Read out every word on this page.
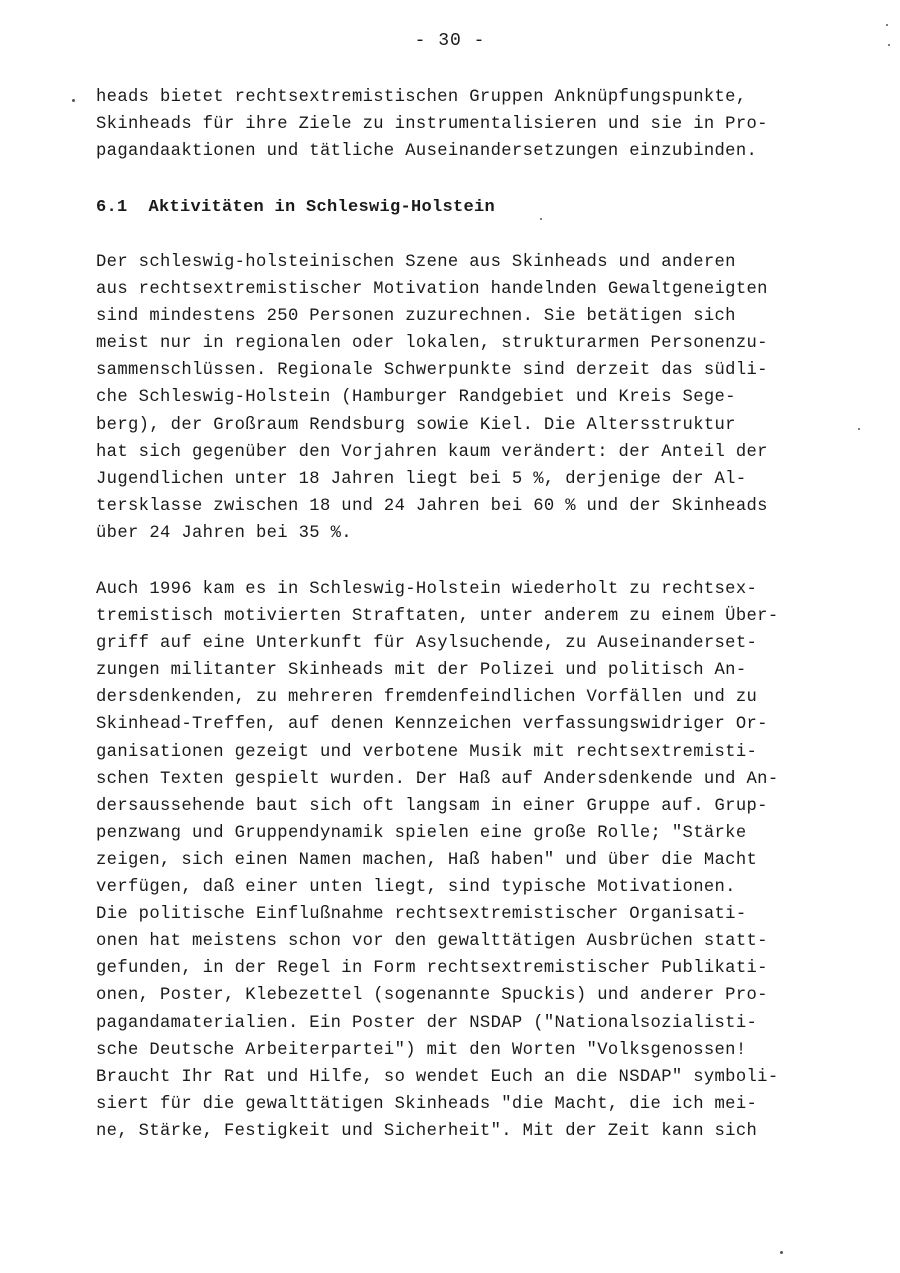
- 30 -
heads bietet rechtsextremistischen Gruppen Anknüpfungspunkte,
Skinheads für ihre Ziele zu instrumentalisieren und sie in Pro-
pagandaaktionen und tätliche Auseinandersetzungen einzubinden.
6.1  Aktivitäten in Schleswig-Holstein
Der schleswig-holsteinischen Szene aus Skinheads und anderen
aus rechtsextremistischer Motivation handelnden Gewaltgeneigten
sind mindestens 250 Personen zuzurechnen. Sie betätigen sich
meist nur in regionalen oder lokalen, strukturarmen Personenzu-
sammenschlüssen. Regionale Schwerpunkte sind derzeit das südli-
che Schleswig-Holstein (Hamburger Randgebiet und Kreis Sege-
berg), der Großraum Rendsburg sowie Kiel. Die Altersstruktur
hat sich gegenüber den Vorjahren kaum verändert: der Anteil der
Jugendlichen unter 18 Jahren liegt bei 5 %, derjenige der Al-
tersklasse zwischen 18 und 24 Jahren bei 60 % und der Skinheads
über 24 Jahren bei 35 %.
Auch 1996 kam es in Schleswig-Holstein wiederholt zu rechtsex-
tremistisch motivierten Straftaten, unter anderem zu einem Über-
griff auf eine Unterkunft für Asylsuchende, zu Auseinanderset-
zungen militanter Skinheads mit der Polizei und politisch An-
dersdenkenden, zu mehreren fremdenfeindlichen Vorfällen und zu
Skinhead-Treffen, auf denen Kennzeichen verfassungswidriger Or-
ganisationen gezeigt und verbotene Musik mit rechtsextremisti-
schen Texten gespielt wurden. Der Haß auf Andersdenkende und An-
dersaussehende baut sich oft langsam in einer Gruppe auf. Grup-
penzwang und Gruppendynamik spielen eine große Rolle; "Stärke
zeigen, sich einen Namen machen, Haß haben" und über die Macht
verfügen, daß einer unten liegt, sind typische Motivationen.
Die politische Einflußnahme rechtsextremistischer Organisati-
onen hat meistens schon vor den gewalttätigen Ausbrüchen statt-
gefunden, in der Regel in Form rechtsextremistischer Publikati-
onen, Poster, Klebezettel (sogenannte Spuckis) und anderer Pro-
pagandamaterialien. Ein Poster der NSDAP ("Nationalsozialisti-
sche Deutsche Arbeiterpartei") mit den Worten "Volksgenossen!
Braucht Ihr Rat und Hilfe, so wendet Euch an die NSDAP" symboli-
siert für die gewalttätigen Skinheads "die Macht, die ich mei-
ne, Stärke, Festigkeit und Sicherheit". Mit der Zeit kann sich
